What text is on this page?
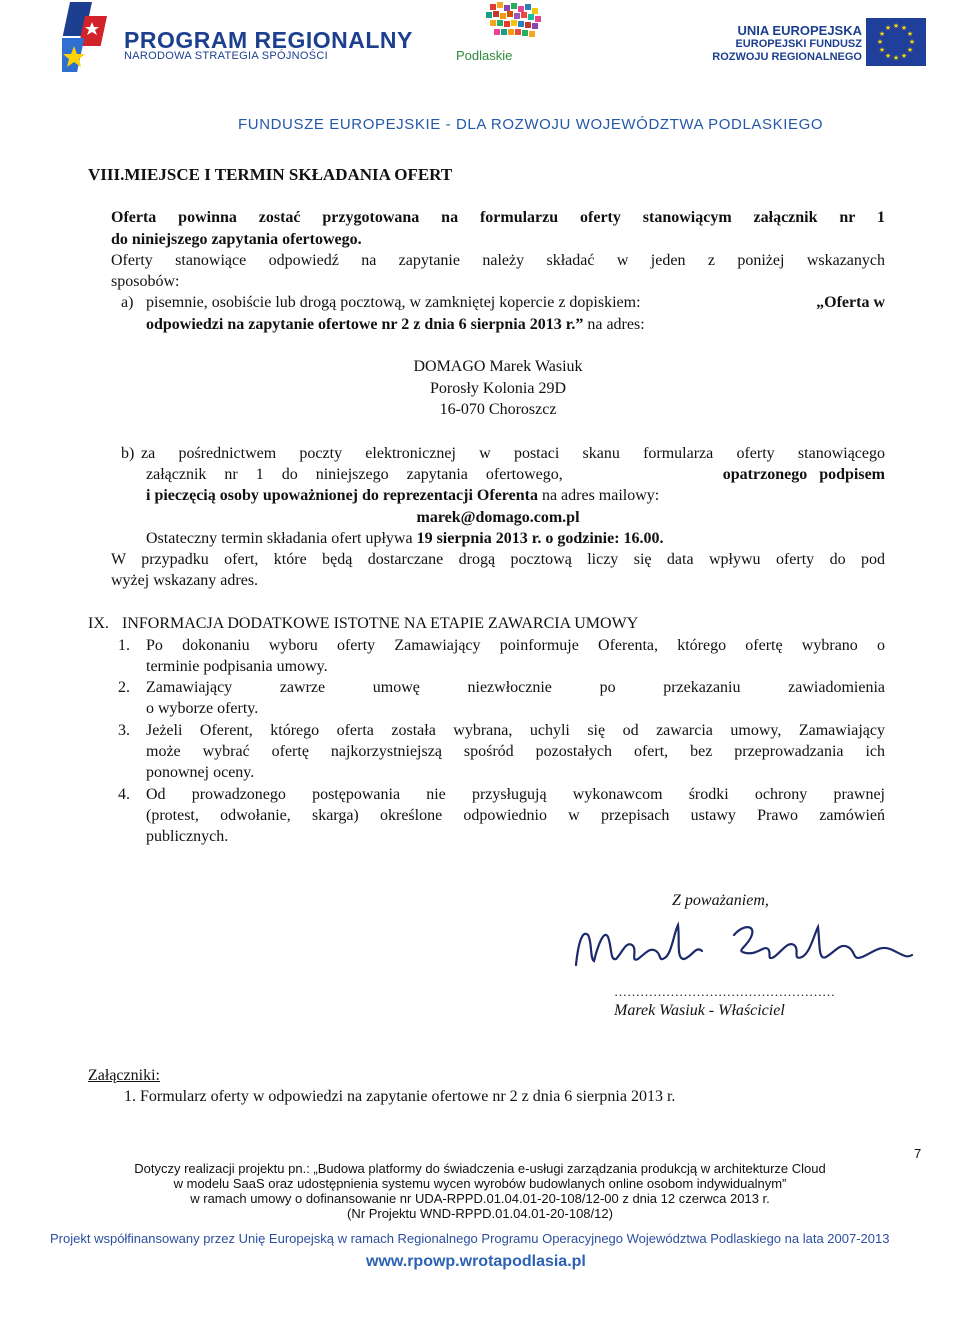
PROGRAM REGIONALNY
NARODOWA STRATEGIA SPÓJNOŚCI	Podlaskie
UNIA EUROPEJSKA
EUROPEJSKI FUNDUSZ
ROZWOJU REGIONALNEGO
★ ★
★
★
★
★
★
★
★
★
★
★
FUNDUSZE EUROPEJSKIE - DLA ROZWOJU WOJEWÓDZTWA PODLASKIEGO
VIII.MIEJSCE I TERMIN SKŁADANIA OFERT
Oferta powinna zostać przygotowana na formularzu oferty stanowiącym załącznik nr 1
do niniejszego zapytania ofertowego.
Oferty stanowiące odpowiedź na zapytanie należy składać w jeden z poniżej wskazanych
sposobów:
a) pisemnie, osobiście lub drogą pocztową, w zamkniętej kopercie z dopiskiem:	„Oferta w
odpowiedzi na zapytanie ofertowe nr 2 z dnia 6 sierpnia 2013 r.” na adres:
DOMAGO Marek Wasiuk
Porosły Kolonia 29D
16-070 Choroszcz
b) za pośrednictwem poczty elektronicznej w postaci skanu formularza oferty stanowiącego
załącznik nr 1 do niniejszego zapytania ofertowego,	opatrzonego podpisem
i pieczęcią osoby upoważnionej do reprezentacji Oferenta na adres mailowy:
marek@domago.com.pl
Ostateczny termin składania ofert upływa 19 sierpnia 2013 r. o godzinie: 16.00.
W przypadku ofert, które będą dostarczane drogą pocztową liczy się data wpływu oferty do pod
wyżej wskazany adres.
IX. INFORMACJA DODATKOWE ISTOTNE NA ETAPIE ZAWARCIA UMOWY
1. Po dokonaniu wyboru oferty Zamawiający poinformuje Oferenta, którego ofertę wybrano o
terminie podpisania umowy.
2. Zamawiający zawrze umowę niezwłocznie po przekazaniu zawiadomienia
o wyborze oferty.
3. Jeżeli Oferent, którego oferta została wybrana, uchyli się od zawarcia umowy, Zamawiający
może wybrać ofertę najkorzystniejszą spośród pozostałych ofert, bez przeprowadzania ich
ponownej oceny.
4. Od prowadzonego postępowania nie przysługują wykonawcom środki ochrony prawnej
(protest, odwołanie, skarga) określone odpowiednio w przepisach ustawy Prawo zamówień
publicznych.
Z poważaniem,
……………………………………………
Marek Wasiuk - Właściciel
Załączniki:
1. Formularz oferty w odpowiedzi na zapytanie ofertowe nr 2 z dnia 6 sierpnia 2013 r.
7
Dotyczy realizacji projektu pn.: „Budowa platformy do świadczenia e-usługi zarządzania produkcją w architekturze Cloud
w modelu SaaS oraz udostępnienia systemu wycen wyrobów budowlanych online osobom indywidualnym”
w ramach umowy o dofinansowanie nr UDA-RPPD.01.04.01-20-108/12-00 z dnia 12 czerwca 2013 r.
(Nr Projektu WND-RPPD.01.04.01-20-108/12)
Projekt współfinansowany przez Unię Europejską w ramach Regionalnego Programu Operacyjnego Województwa Podlaskiego na lata 2007-2013
www.rpowp.wrotapodlasia.pl
